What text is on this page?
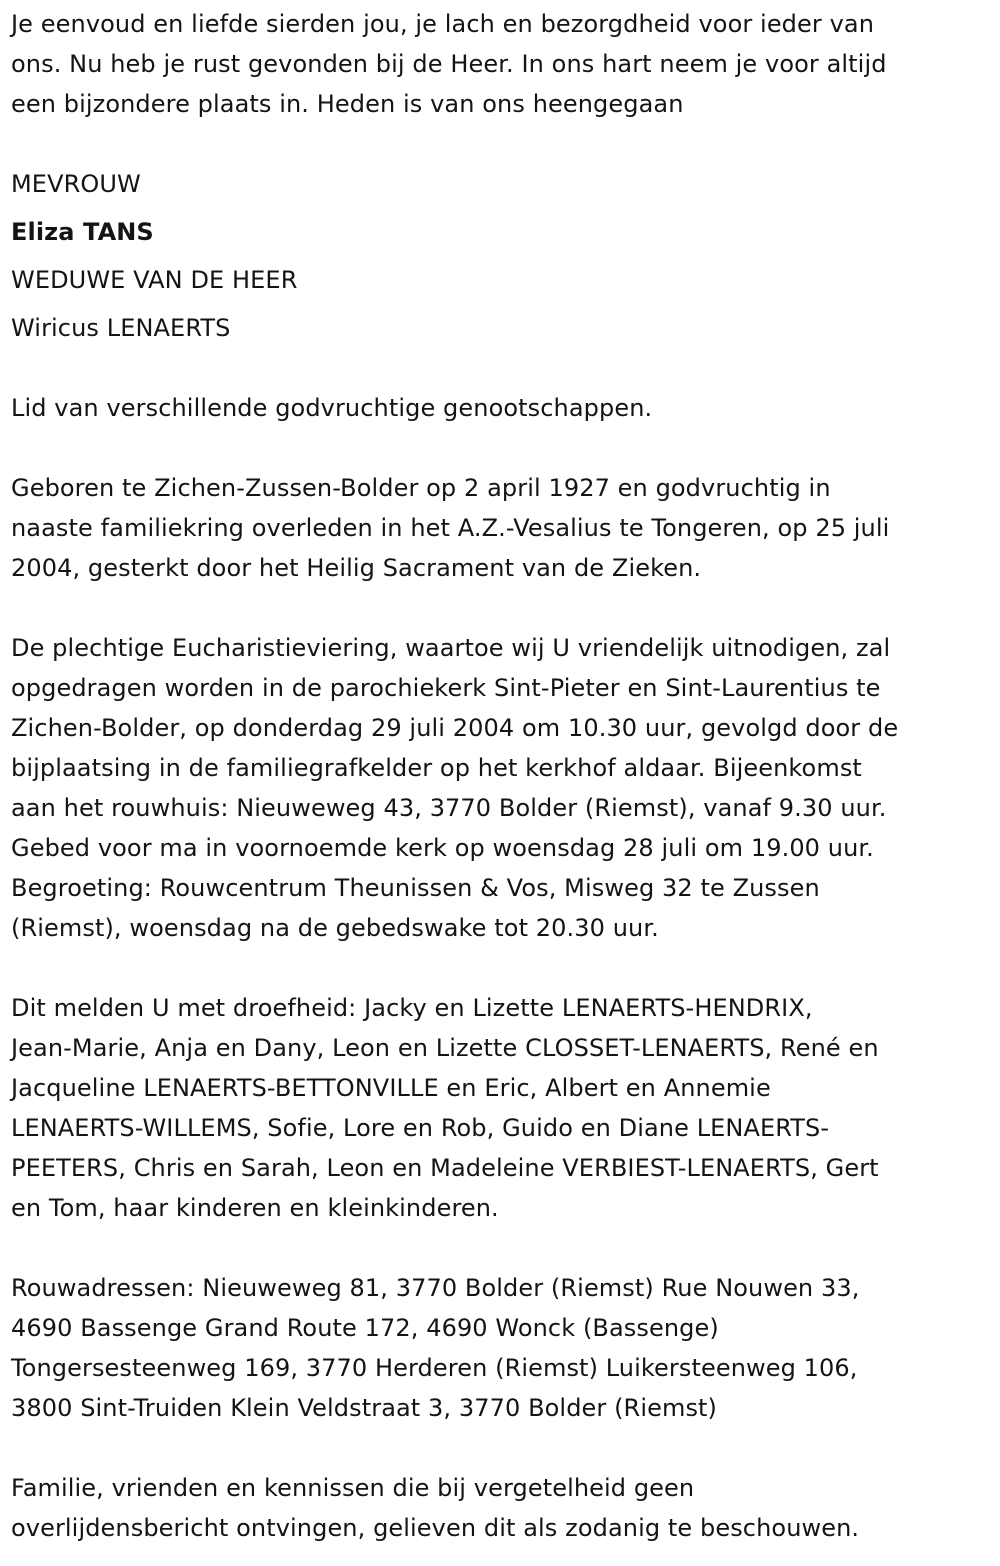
Je eenvoud en liefde sierden jou, je lach en bezorgdheid voor ieder van
ons. Nu heb je rust gevonden bij de Heer. In ons hart neem je voor altijd
een bijzondere plaats in. Heden is van ons heengegaan

MEVROUW

Eliza TANS

WEDUWE VAN DE HEER

Wiricus LENAERTS

Lid van verschillende godvruchtige genootschappen.

Geboren te Zichen-Zussen-Bolder op 2 april 1927 en godvruchtig in
naaste familiekring overleden in het A.Z.-Vesalius te Tongeren, op 25 juli
2004, gesterkt door het Heilig Sacrament van de Zieken.

De plechtige Eucharistieviering, waartoe wij U vriendelijk uitnodigen, zal
opgedragen worden in de parochiekerk Sint-Pieter en Sint-Laurentius te
Zichen-Bolder, op donderdag 29 juli 2004 om 10.30 uur, gevolgd door de
bijplaatsing in de familiegrafkelder op het kerkhof aldaar. Bijeenkomst
aan het rouwhuis: Nieuweweg 43, 3770 Bolder (Riemst), vanaf 9.30 uur.
Gebed voor ma in voornoemde kerk op woensdag 28 juli om 19.00 uur.
Begroeting: Rouwcentrum Theunissen & Vos, Misweg 32 te Zussen
(Riemst), woensdag na de gebedswake tot 20.30 uur.

Dit melden U met droefheid: Jacky en Lizette LENAERTS-HENDRIX,
Jean-Marie, Anja en Dany, Leon en Lizette CLOSSET-LENAERTS, René en
Jacqueline LENAERTS-BETTONVILLE en Eric, Albert en Annemie
LENAERTS-WILLEMS, Sofie, Lore en Rob, Guido en Diane LENAERTS-
PEETERS, Chris en Sarah, Leon en Madeleine VERBIEST-LENAERTS, Gert
en Tom, haar kinderen en kleinkinderen.

Rouwadressen: Nieuweweg 81, 3770 Bolder (Riemst) Rue Nouwen 33,
4690 Bassenge Grand Route 172, 4690 Wonck (Bassenge)
Tongersesteenweg 169, 3770 Herderen (Riemst) Luikersteenweg 106,
3800 Sint-Truiden Klein Veldstraat 3, 3770 Bolder (Riemst)

Familie, vrienden en kennissen die bij vergetelheid geen
overlijdensbericht ontvingen, gelieven dit als zodanig te beschouwen.
